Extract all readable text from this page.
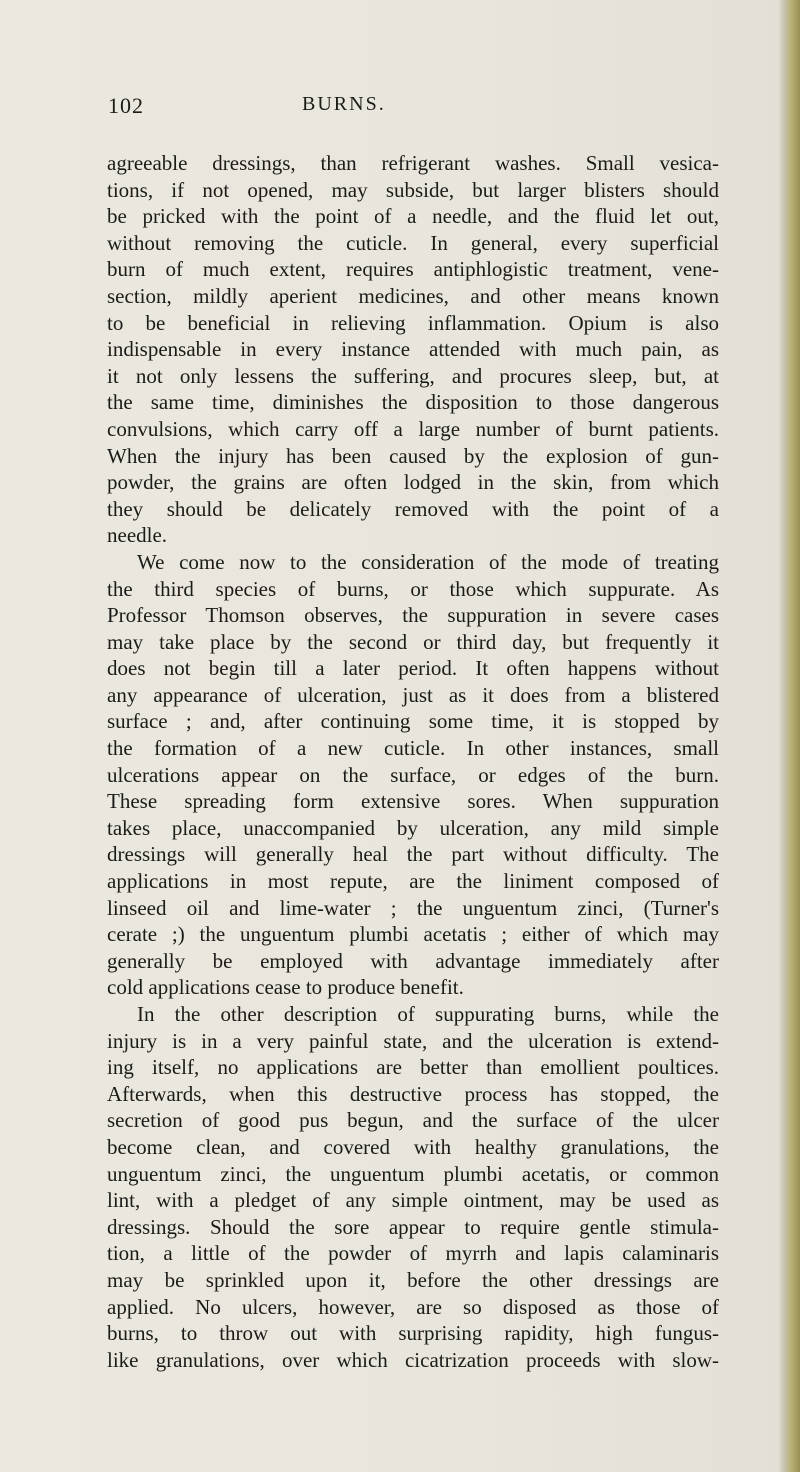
102	BURNS.
agreeable dressings, than refrigerant washes. Small vesica-
tions, if not opened, may subside, but larger blisters should
be pricked with the point of a needle, and the fluid let out,
without removing the cuticle. In general, every superficial
burn of much extent, requires antiphlogistic treatment, vene-
section, mildly aperient medicines, and other means known
to be beneficial in relieving inflammation. Opium is also
indispensable in every instance attended with much pain, as
it not only lessens the suffering, and procures sleep, but, at
the same time, diminishes the disposition to those dangerous
convulsions, which carry off a large number of burnt patients.
When the injury has been caused by the explosion of gun-
powder, the grains are often lodged in the skin, from which
they should be delicately removed with the point of a
needle.
We come now to the consideration of the mode of treating
the third species of burns, or those which suppurate. As
Professor Thomson observes, the suppuration in severe cases
may take place by the second or third day, but frequently it
does not begin till a later period. It often happens without
any appearance of ulceration, just as it does from a blistered
surface ; and, after continuing some time, it is stopped by
the formation of a new cuticle. In other instances, small
ulcerations appear on the surface, or edges of the burn.
These spreading form extensive sores. When suppuration
takes place, unaccompanied by ulceration, any mild simple
dressings will generally heal the part without difficulty. The
applications in most repute, are the liniment composed of
linseed oil and lime-water ; the unguentum zinci, (Turner's
cerate ;) the unguentum plumbi acetatis ; either of which may
generally be employed with advantage immediately after
cold applications cease to produce benefit.
In the other description of suppurating burns, while the
injury is in a very painful state, and the ulceration is extend-
ing itself, no applications are better than emollient poultices.
Afterwards, when this destructive process has stopped, the
secretion of good pus begun, and the surface of the ulcer
become clean, and covered with healthy granulations, the
unguentum zinci, the unguentum plumbi acetatis, or common
lint, with a pledget of any simple ointment, may be used as
dressings. Should the sore appear to require gentle stimula-
tion, a little of the powder of myrrh and lapis calaminaris
may be sprinkled upon it, before the other dressings are
applied. No ulcers, however, are so disposed as those of
burns, to throw out with surprising rapidity, high fungus-
like granulations, over which cicatrization proceeds with slow-
